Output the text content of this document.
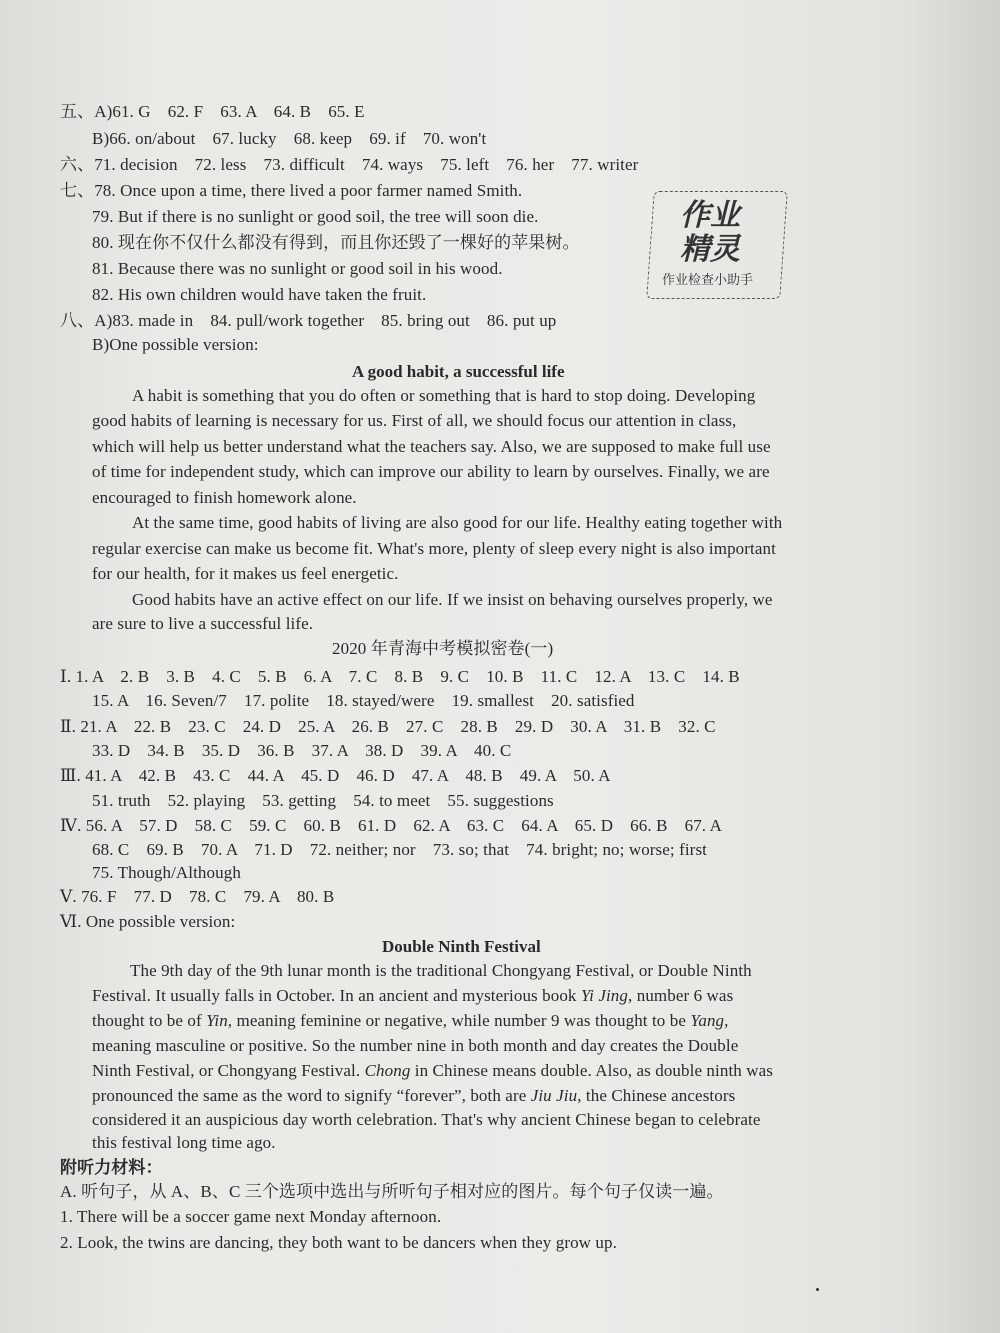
五、A)61. G　62. F　63. A　64. B　65. E
B)66. on/about　67. lucky　68. keep　69. if　70. won't
六、71. decision　72. less　73. difficult　74. ways　75. left　76. her　77. writer
七、78. Once upon a time, there lived a poor farmer named Smith.
79. But if there is no sunlight or good soil, the tree will soon die.
80. 现在你不仅什么都没有得到，而且你还毁了一棵好的苹果树。
81. Because there was no sunlight or good soil in his wood.
82. His own children would have taken the fruit.
八、A)83. made in　84. pull/work together　85. bring out　86. put up
B)One possible version:
作业精灵
作业检查小助手
A good habit, a successful life
A habit is something that you do often or something that is hard to stop doing. Developing
good habits of learning is necessary for us. First of all, we should focus our attention in class,
which will help us better understand what the teachers say. Also, we are supposed to make full use
of time for independent study, which can improve our ability to learn by ourselves. Finally, we are
encouraged to finish homework alone.
At the same time, good habits of living are also good for our life. Healthy eating together with
regular exercise can make us become fit. What's more, plenty of sleep every night is also important
for our health, for it makes us feel energetic.
Good habits have an active effect on our life. If we insist on behaving ourselves properly, we
are sure to live a successful life.
2020 年青海中考模拟密卷(一)
Ⅰ. 1. A　2. B　3. B　4. C　5. B　6. A　7. C　8. B　9. C　10. B　11. C　12. A　13. C　14. B
15. A　16. Seven/7　17. polite　18. stayed/were　19. smallest　20. satisfied
Ⅱ. 21. A　22. B　23. C　24. D　25. A　26. B　27. C　28. B　29. D　30. A　31. B　32. C
33. D　34. B　35. D　36. B　37. A　38. D　39. A　40. C
Ⅲ. 41. A　42. B　43. C　44. A　45. D　46. D　47. A　48. B　49. A　50. A
51. truth　52. playing　53. getting　54. to meet　55. suggestions
Ⅳ. 56. A　57. D　58. C　59. C　60. B　61. D　62. A　63. C　64. A　65. D　66. B　67. A
68. C　69. B　70. A　71. D　72. neither; nor　73. so; that　74. bright; no; worse; first
75. Though/Although
Ⅴ. 76. F　77. D　78. C　79. A　80. B
Ⅵ. One possible version:
Double Ninth Festival
The 9th day of the 9th lunar month is the traditional Chongyang Festival, or Double Ninth
Festival. It usually falls in October. In an ancient and mysterious book Yi Jing, number 6 was
thought to be of Yin, meaning feminine or negative, while number 9 was thought to be Yang,
meaning masculine or positive. So the number nine in both month and day creates the Double
Ninth Festival, or Chongyang Festival. Chong in Chinese means double. Also, as double ninth was
pronounced the same as the word to signify “forever”, both are Jiu Jiu, the Chinese ancestors
considered it an auspicious day worth celebration. That's why ancient Chinese began to celebrate
this festival long time ago.
附听力材料：
A. 听句子，从 A、B、C 三个选项中选出与所听句子相对应的图片。每个句子仅读一遍。
1. There will be a soccer game next Monday afternoon.
2. Look, the twins are dancing, they both want to be dancers when they grow up.
